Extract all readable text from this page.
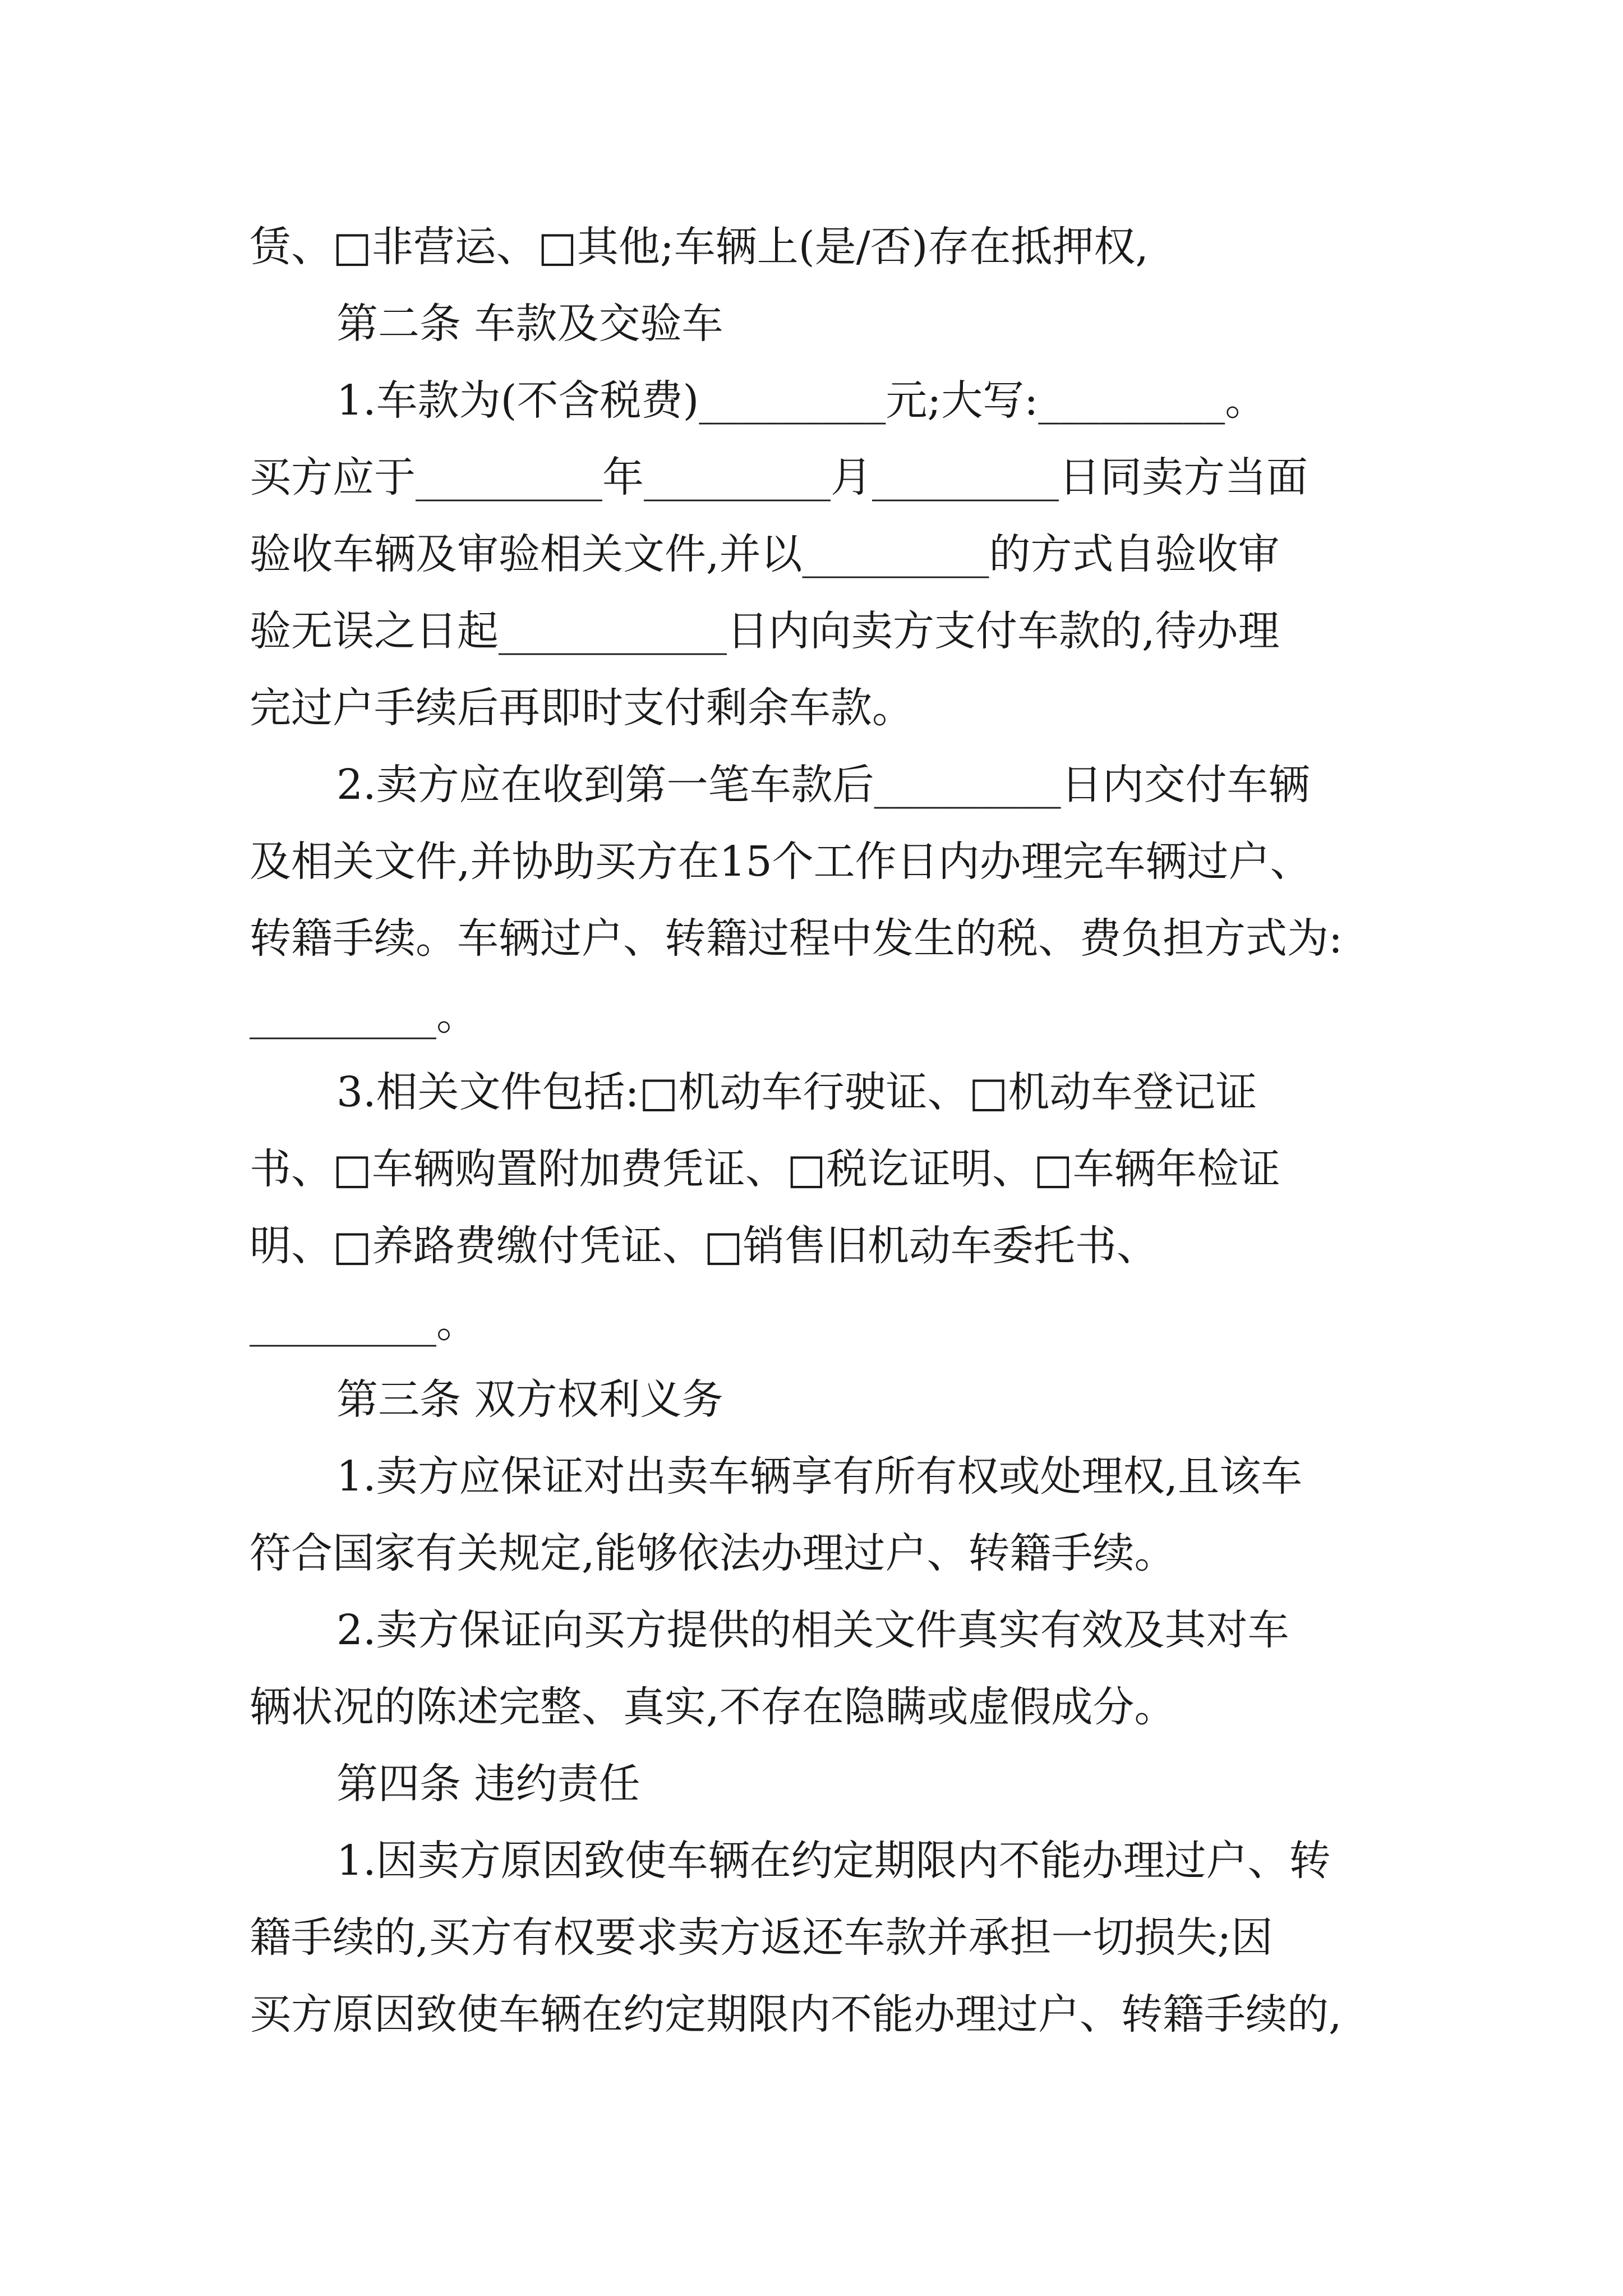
赁、□非营运、□其他;车辆上(是/否)存在抵押权,
第二条 车款及交验车
1.车款为(不含税费)_________元;大写:_________。
买方应于_________年_________月_________日同卖方当面
验收车辆及审验相关文件,并以_________的方式自验收审
验无误之日起___________日内向卖方支付车款的,待办理
完过户手续后再即时支付剩余车款。
2.卖方应在收到第一笔车款后_________日内交付车辆
及相关文件,并协助买方在15个工作日内办理完车辆过户、
转籍手续。车辆过户、转籍过程中发生的税、费负担方式为:
_________。
3.相关文件包括:□机动车行驶证、□机动车登记证
书、□车辆购置附加费凭证、□税讫证明、□车辆年检证
明、□养路费缴付凭证、□销售旧机动车委托书、
_________。
第三条 双方权利义务
1.卖方应保证对出卖车辆享有所有权或处理权,且该车
符合国家有关规定,能够依法办理过户、转籍手续。
2.卖方保证向买方提供的相关文件真实有效及其对车
辆状况的陈述完整、真实,不存在隐瞒或虚假成分。
第四条 违约责任
1.因卖方原因致使车辆在约定期限内不能办理过户、转
籍手续的,买方有权要求卖方返还车款并承担一切损失;因
买方原因致使车辆在约定期限内不能办理过户、转籍手续的,
